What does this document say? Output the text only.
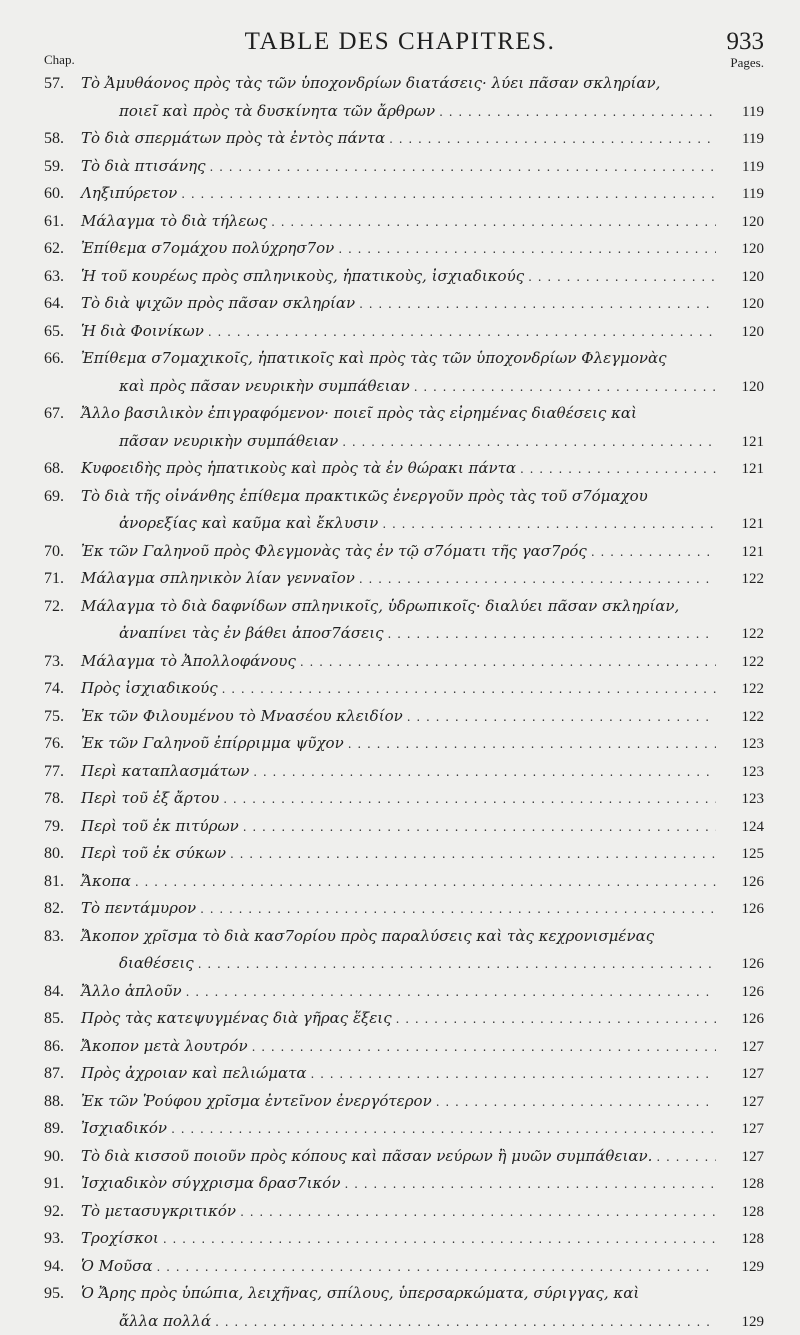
TABLE DES CHAPITRES.	933
Chap.	Pages.
57.	Τὸ Ἀμυθάονος πρὸς τὰς τῶν ὑποχονδρίων διατάσεις· λύει πᾶσαν σκληρίαν,
ποιεῖ καὶ πρὸς τὰ δυσκίνητα τῶν ἄρθρων . . .	119
58.	Τὸ διὰ σπερμάτων πρὸς τὰ ἐντὸς πάντα . . .	119
59.	Τὸ διὰ πτισάνης . . .	119
60.	Ληξιπύρετον . . .	119
61.	Μάλαγμα τὸ διὰ τήλεως . . .	120
62.	Ἐπίθεμα σ7ομάχου πολύχρησ7ον . . .	120
63.	Ἡ τοῦ κουρέως πρὸς σπληνικοὺς, ἡπατικοὺς, ἰσχιαδικούς . . .	120
64.	Τὸ διὰ ψιχῶν πρὸς πᾶσαν σκληρίαν . . .	120
65.	Ἡ διὰ Φοινίκων . . .	120
66.	Ἐπίθεμα σ7ομαχικοῖς, ἡπατικοῖς καὶ πρὸς τὰς τῶν ὑποχονδρίων Φλεγμονὰς
καὶ πρὸς πᾶσαν νευρικὴν συμπάθειαν . . .	120
67.	Ἄλλο βασιλικὸν ἐπιγραφόμενον· ποιεῖ πρὸς τὰς εἰρημένας διαθέσεις καὶ
πᾶσαν νευρικὴν συμπάθειαν . . .	121
68.	Κυφοειδὴς πρὸς ἡπατικοὺς καὶ πρὸς τὰ ἐν θώρακι πάντα . . .	121
69.	Τὸ διὰ τῆς οἰνάνθης ἐπίθεμα πρακτικῶς ἐνεργοῦν πρὸς τὰς τοῦ σ7όμαχου
ἀνορεξίας καὶ καῦμα καὶ ἔκλυσιν . . .	121
70.	Ἐκ τῶν Γαληνοῦ πρὸς Φλεγμονὰς τὰς ἐν τῷ σ7όματι τῆς γασ7ρός . . .	121
71.	Μάλαγμα σπληνικὸν λίαν γενναῖον . . .	122
72.	Μάλαγμα τὸ διὰ δαφνίδων σπληνικοῖς, ὑδρωπικοῖς· διαλύει πᾶσαν σκληρίαν,
ἀναπίνει τὰς ἐν βάθει ἀποσ7άσεις . . .	122
73.	Μάλαγμα τὸ Ἀπολλοφάνους . . .	122
74.	Πρὸς ἰσχιαδικούς . . .	122
75.	Ἐκ τῶν Φιλουμένου τὸ Μνασέου κλειδίον . . .	122
76.	Ἐκ τῶν Γαληνοῦ ἐπίρριμμα ψῦχον . . .	123
77.	Περὶ καταπλασμάτων . . .	123
78.	Περὶ τοῦ ἐξ ἄρτου . . .	123
79.	Περὶ τοῦ ἐκ πιτύρων . . .	124
80.	Περὶ τοῦ ἐκ σύκων . . .	125
81.	Ἄκοπα . . .	126
82.	Τὸ πεντάμυρον . . .	126
83.	Ἄκοπον χρῖσμα τὸ διὰ κασ7ορίου πρὸς παραλύσεις καὶ τὰς κεχρονισμένας
διαθέσεις . . .	126
84.	Ἄλλο ἁπλοῦν . . .	126
85.	Πρὸς τὰς κατεψυγμένας διὰ γῆρας ἕξεις . . .	126
86.	Ἄκοπον μετὰ λουτρόν . . .	127
87.	Πρὸς ἀχροιαν καὶ πελιώματα . . .	127
88.	Ἐκ τῶν Ῥούφου χρῖσμα ἐντεῖνον ἐνεργότερον . . .	127
89.	Ἰσχιαδικόν . . .	127
90.	Τὸ διὰ κισσοῦ ποιοῦν πρὸς κόπους καὶ πᾶσαν νεύρων ἢ μυῶν συμπάθειαν. . . .	127
91.	Ἰσχιαδικὸν σύγχρισμα δρασ7ικόν . . .	128
92.	Τὸ μετασυγκριτικόν . . .	128
93.	Τροχίσκοι . . .	128
94.	Ὁ Μοῦσα . . .	129
95.	Ὁ Ἄρης πρὸς ὑπώπια, λειχῆνας, σπίλους, ὑπερσαρκώματα, σύριγγας, καὶ
ἄλλα πολλά . . .	129
